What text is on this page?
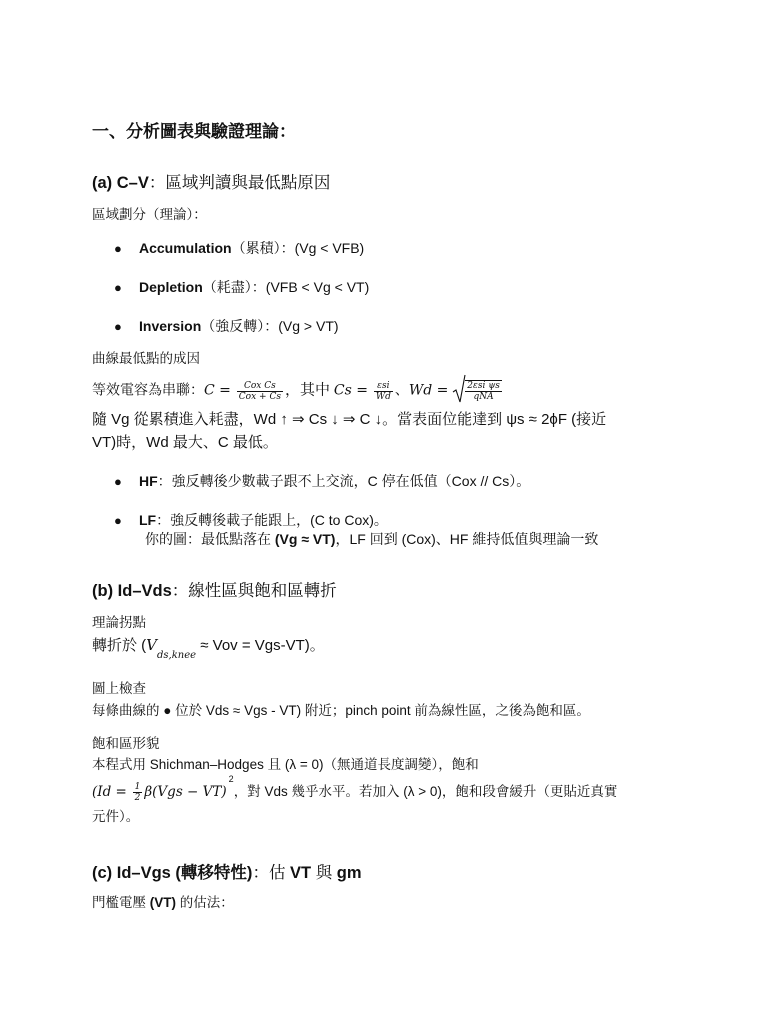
一、分析圖表與驗證理論：
(a) C–V：區域判讀與最低點原因
區域劃分（理論）：
● Accumulation（累積）：(Vg < VFB)
● Depletion（耗盡）：(VFB < Vg < VT)
● Inversion（強反轉）：(Vg > VT)
曲線最低點的成因
等效電容為串聯：$C = \frac{\text{Cox Cs}}{\text{Cox + Cs}}$ ，其中 $Cs = \frac{\text{εsi}}{Wd}$ 、$Wd = \frac{\text{2εsi ψs}}{\text{qNA}}$
隨 Vg 從累積進入耗盡，Wd ↑ ⇒ Cs ↓ ⇒ C ↓。當表面位能達到 ψs ≈ 2ϕF (接近
VT)時，Wd 最大、C 最低。
● HF：強反轉後少數載子跟不上交流，C 停在低值（Cox // Cs）。
● LF：強反轉後載子能跟上，(C to Cox)。
你的圖：最低點落在 (Vg ≈ VT)，LF 回到 (Cox)、HF 維持低值與理論一致
(b) Id–Vds：線性區與飽和區轉折
理論拐點
轉折於 ($V_{ds,knee}$ ≈ Vov = Vgs-VT)。
圖上檢查
每條曲線的 ● 位於 Vds ≈ Vgs - VT) 附近；pinch point 前為線性區，之後為飽和區。
飽和區形貌
本程式用 Shichman–Hodges 且 (λ = 0)（無通道長度調變），飽和
($Id = \frac{1}{2} \beta(Vgs - VT)^2$，對 Vds 幾乎水平。若加入 (λ > 0)，飽和段會緩升（更貼近真實
元件）。
(c) Id–Vgs (轉移特性)：估 VT 與 gm
門檻電壓 (VT) 的估法：
